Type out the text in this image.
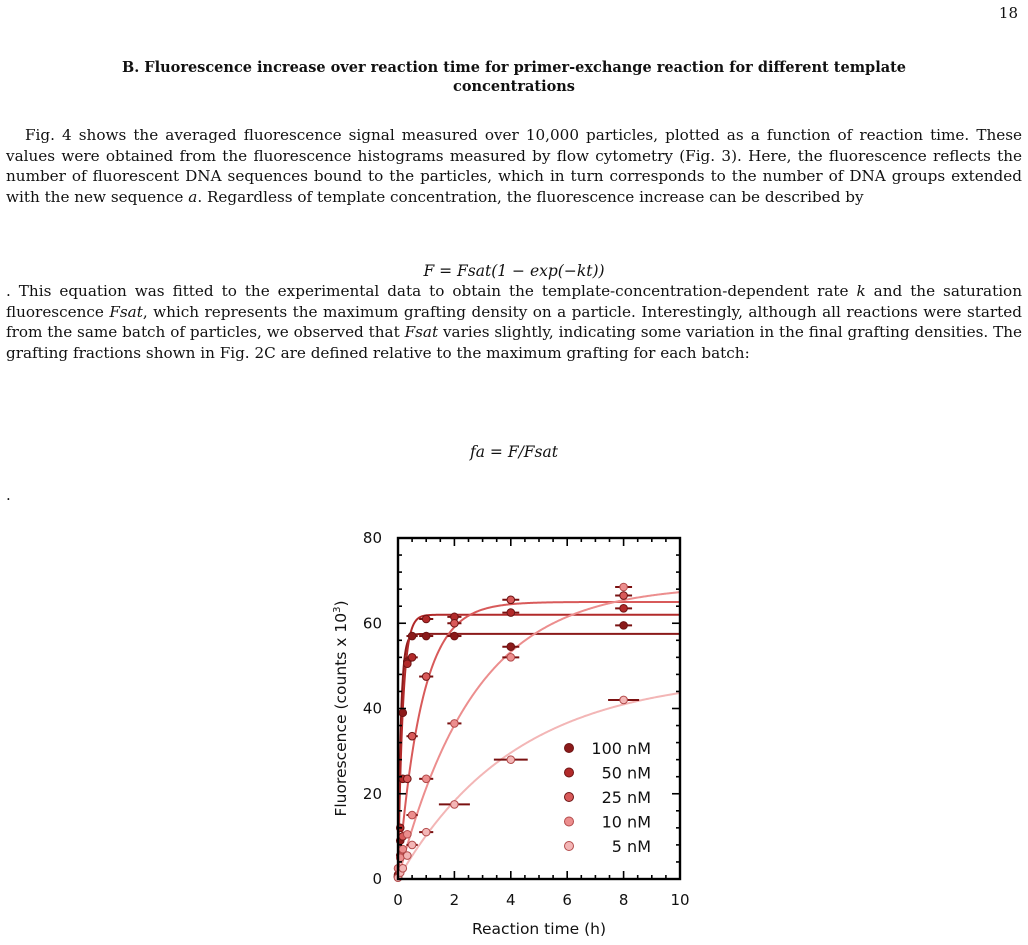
18
B. Fluorescence increase over reaction time for primer-exchange reaction for different template
concentrations

Fig. 4 shows the averaged fluorescence signal measured over 10,000 particles, plotted as a function of reaction time. These values were obtained from the fluorescence histograms measured by flow cytometry (Fig. 3). Here, the fluorescence reflects the number of fluorescent DNA sequences bound to the particles, which in turn corresponds to the number of DNA groups extended with the new sequence a. Regardless of template concentration, the fluorescence increase can be described by

F = Fsat(1 − exp(−kt))

. This equation was fitted to the experimental data to obtain the template-concentration-dependent rate k and the saturation fluorescence Fsat, which represents the maximum grafting density on a particle. Interestingly, although all reactions were started from the same batch of particles, we observed that Fsat varies slightly, indicating some variation in the final grafting densities. The grafting fractions shown in Fig. 2C are defined relative to the maximum grafting for each batch:

fa = F/Fsat
.
0	2	4	6	8	10
0
20
40
60
80
Reaction time (h)
Fluorescence (counts x $10^3$)
100 nM
50 nM
25 nM
10 nM
5 nM
